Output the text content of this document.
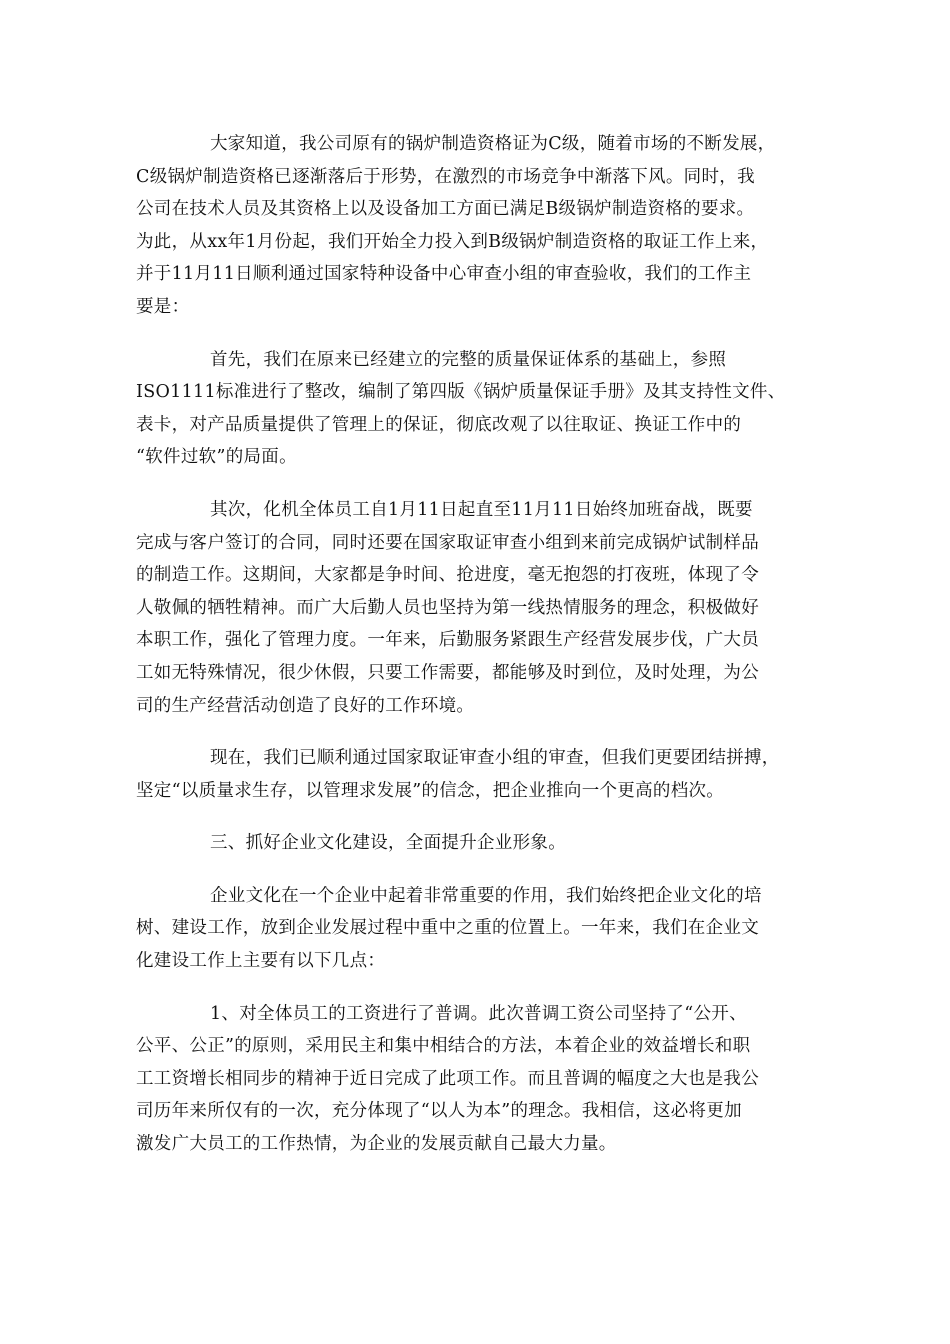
大家知道，我公司原有的锅炉制造资格证为C级，随着市场的不断发展，
C级锅炉制造资格已逐渐落后于形势，在激烈的市场竞争中渐落下风。同时，我
公司在技术人员及其资格上以及设备加工方面已满足B级锅炉制造资格的要求。
为此，从xx年1月份起，我们开始全力投入到B级锅炉制造资格的取证工作上来，
并于11月11日顺利通过国家特种设备中心审查小组的审查验收，我们的工作主
要是：

首先，我们在原来已经建立的完整的质量保证体系的基础上，参照
ISO1111标准进行了整改，编制了第四版《锅炉质量保证手册》及其支持性文件、
表卡，对产品质量提供了管理上的保证，彻底改观了以往取证、换证工作中的
“软件过软”的局面。

其次，化机全体员工自1月11日起直至11月11日始终加班奋战，既要
完成与客户签订的合同，同时还要在国家取证审查小组到来前完成锅炉试制样品
的制造工作。这期间，大家都是争时间、抢进度，毫无抱怨的打夜班，体现了令
人敬佩的牺牲精神。而广大后勤人员也坚持为第一线热情服务的理念，积极做好
本职工作，强化了管理力度。一年来，后勤服务紧跟生产经营发展步伐，广大员
工如无特殊情况，很少休假，只要工作需要，都能够及时到位，及时处理，为公
司的生产经营活动创造了良好的工作环境。

现在，我们已顺利通过国家取证审查小组的审查，但我们更要团结拼搏，
坚定“以质量求生存，以管理求发展”的信念，把企业推向一个更高的档次。

三、抓好企业文化建设，全面提升企业形象。

企业文化在一个企业中起着非常重要的作用，我们始终把企业文化的培
树、建设工作，放到企业发展过程中重中之重的位置上。一年来，我们在企业文
化建设工作上主要有以下几点：

1、对全体员工的工资进行了普调。此次普调工资公司坚持了“公开、
公平、公正”的原则，采用民主和集中相结合的方法，本着企业的效益增长和职
工工资增长相同步的精神于近日完成了此项工作。而且普调的幅度之大也是我公
司历年来所仅有的一次，充分体现了“以人为本”的理念。我相信，这必将更加
激发广大员工的工作热情，为企业的发展贡献自己最大力量。
